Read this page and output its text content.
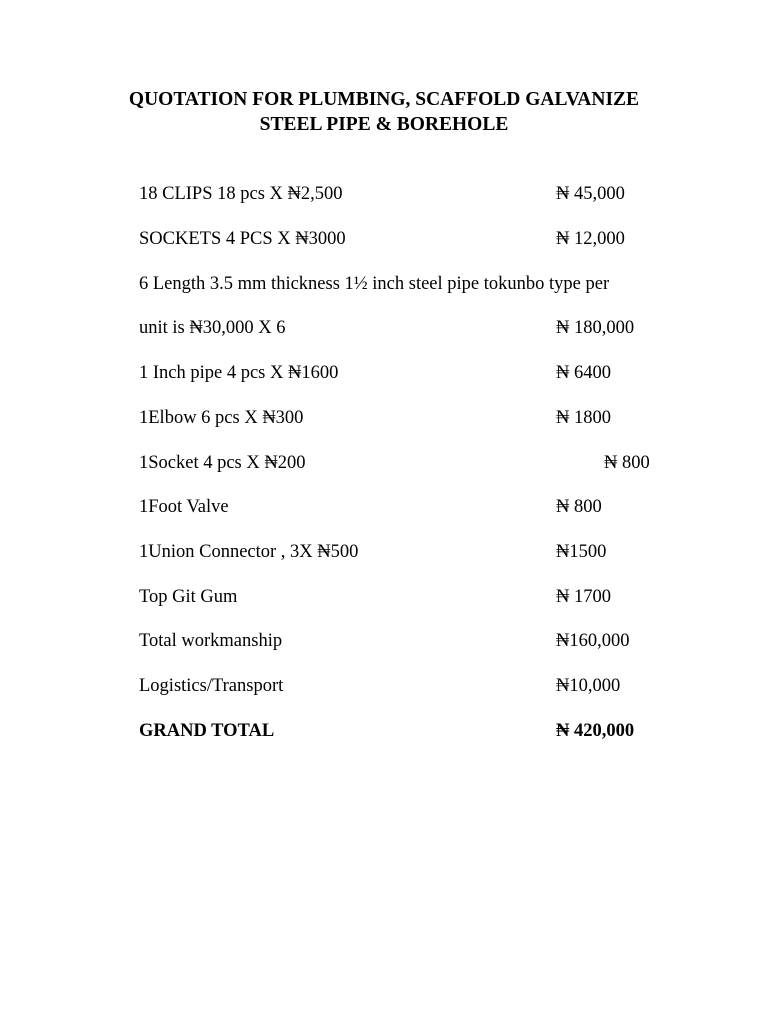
QUOTATION FOR PLUMBING, SCAFFOLD GALVANIZE
STEEL PIPE & BOREHOLE
18 CLIPS 18 pcs X ₦2,500	₦ 45,000
SOCKETS 4 PCS X ₦3000	₦ 12,000
6 Length 3.5 mm thickness 1½ inch steel pipe tokunbo type per
unit is ₦30,000 X 6	₦ 180,000
1 Inch pipe 4 pcs X ₦1600	₦ 6400
1Elbow 6 pcs X ₦300	₦ 1800
1Socket 4 pcs X ₦200	₦ 800
1Foot Valve	₦ 800
1Union Connector , 3X ₦500	₦1500
Top Git Gum	₦ 1700
Total workmanship	₦160,000
Logistics/Transport	₦10,000
GRAND TOTAL	₦ 420,000
